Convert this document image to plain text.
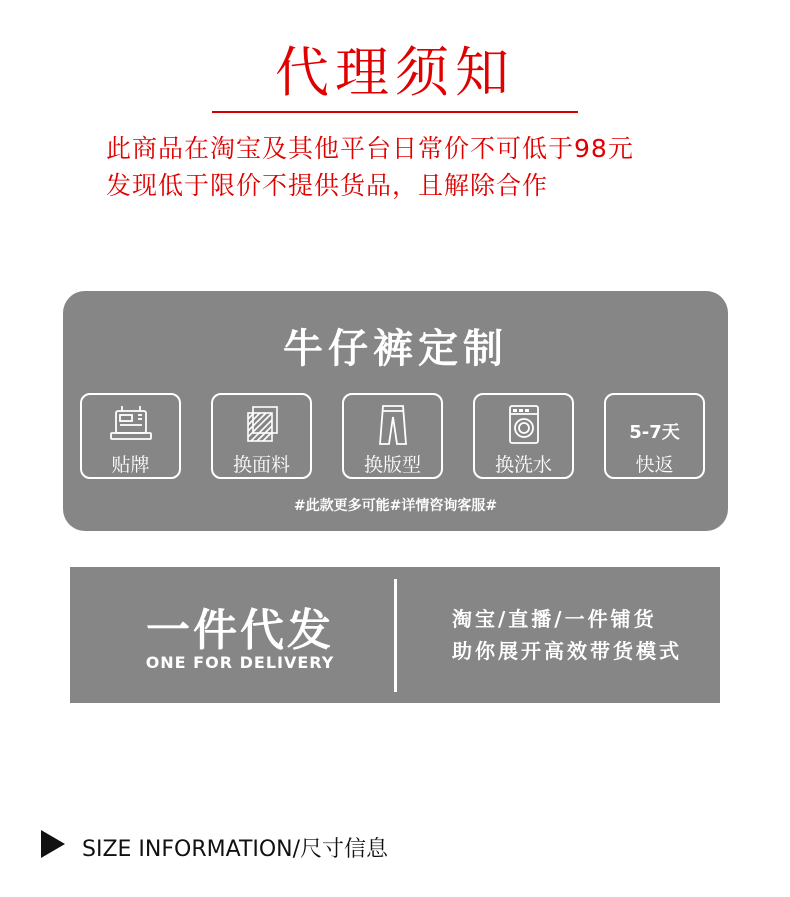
代理须知
此商品在淘宝及其他平台日常价不可低于98元
发现低于限价不提供货品，且解除合作
牛仔裤定制
贴牌	换面料	换版型	换洗水
5-7天
快返
#此款更多可能#详情咨询客服#
一件代发
ONE FOR DELIVERY
淘宝/直播/一件铺货
助你展开高效带货模式
SIZE INFORMATION/尺寸信息
